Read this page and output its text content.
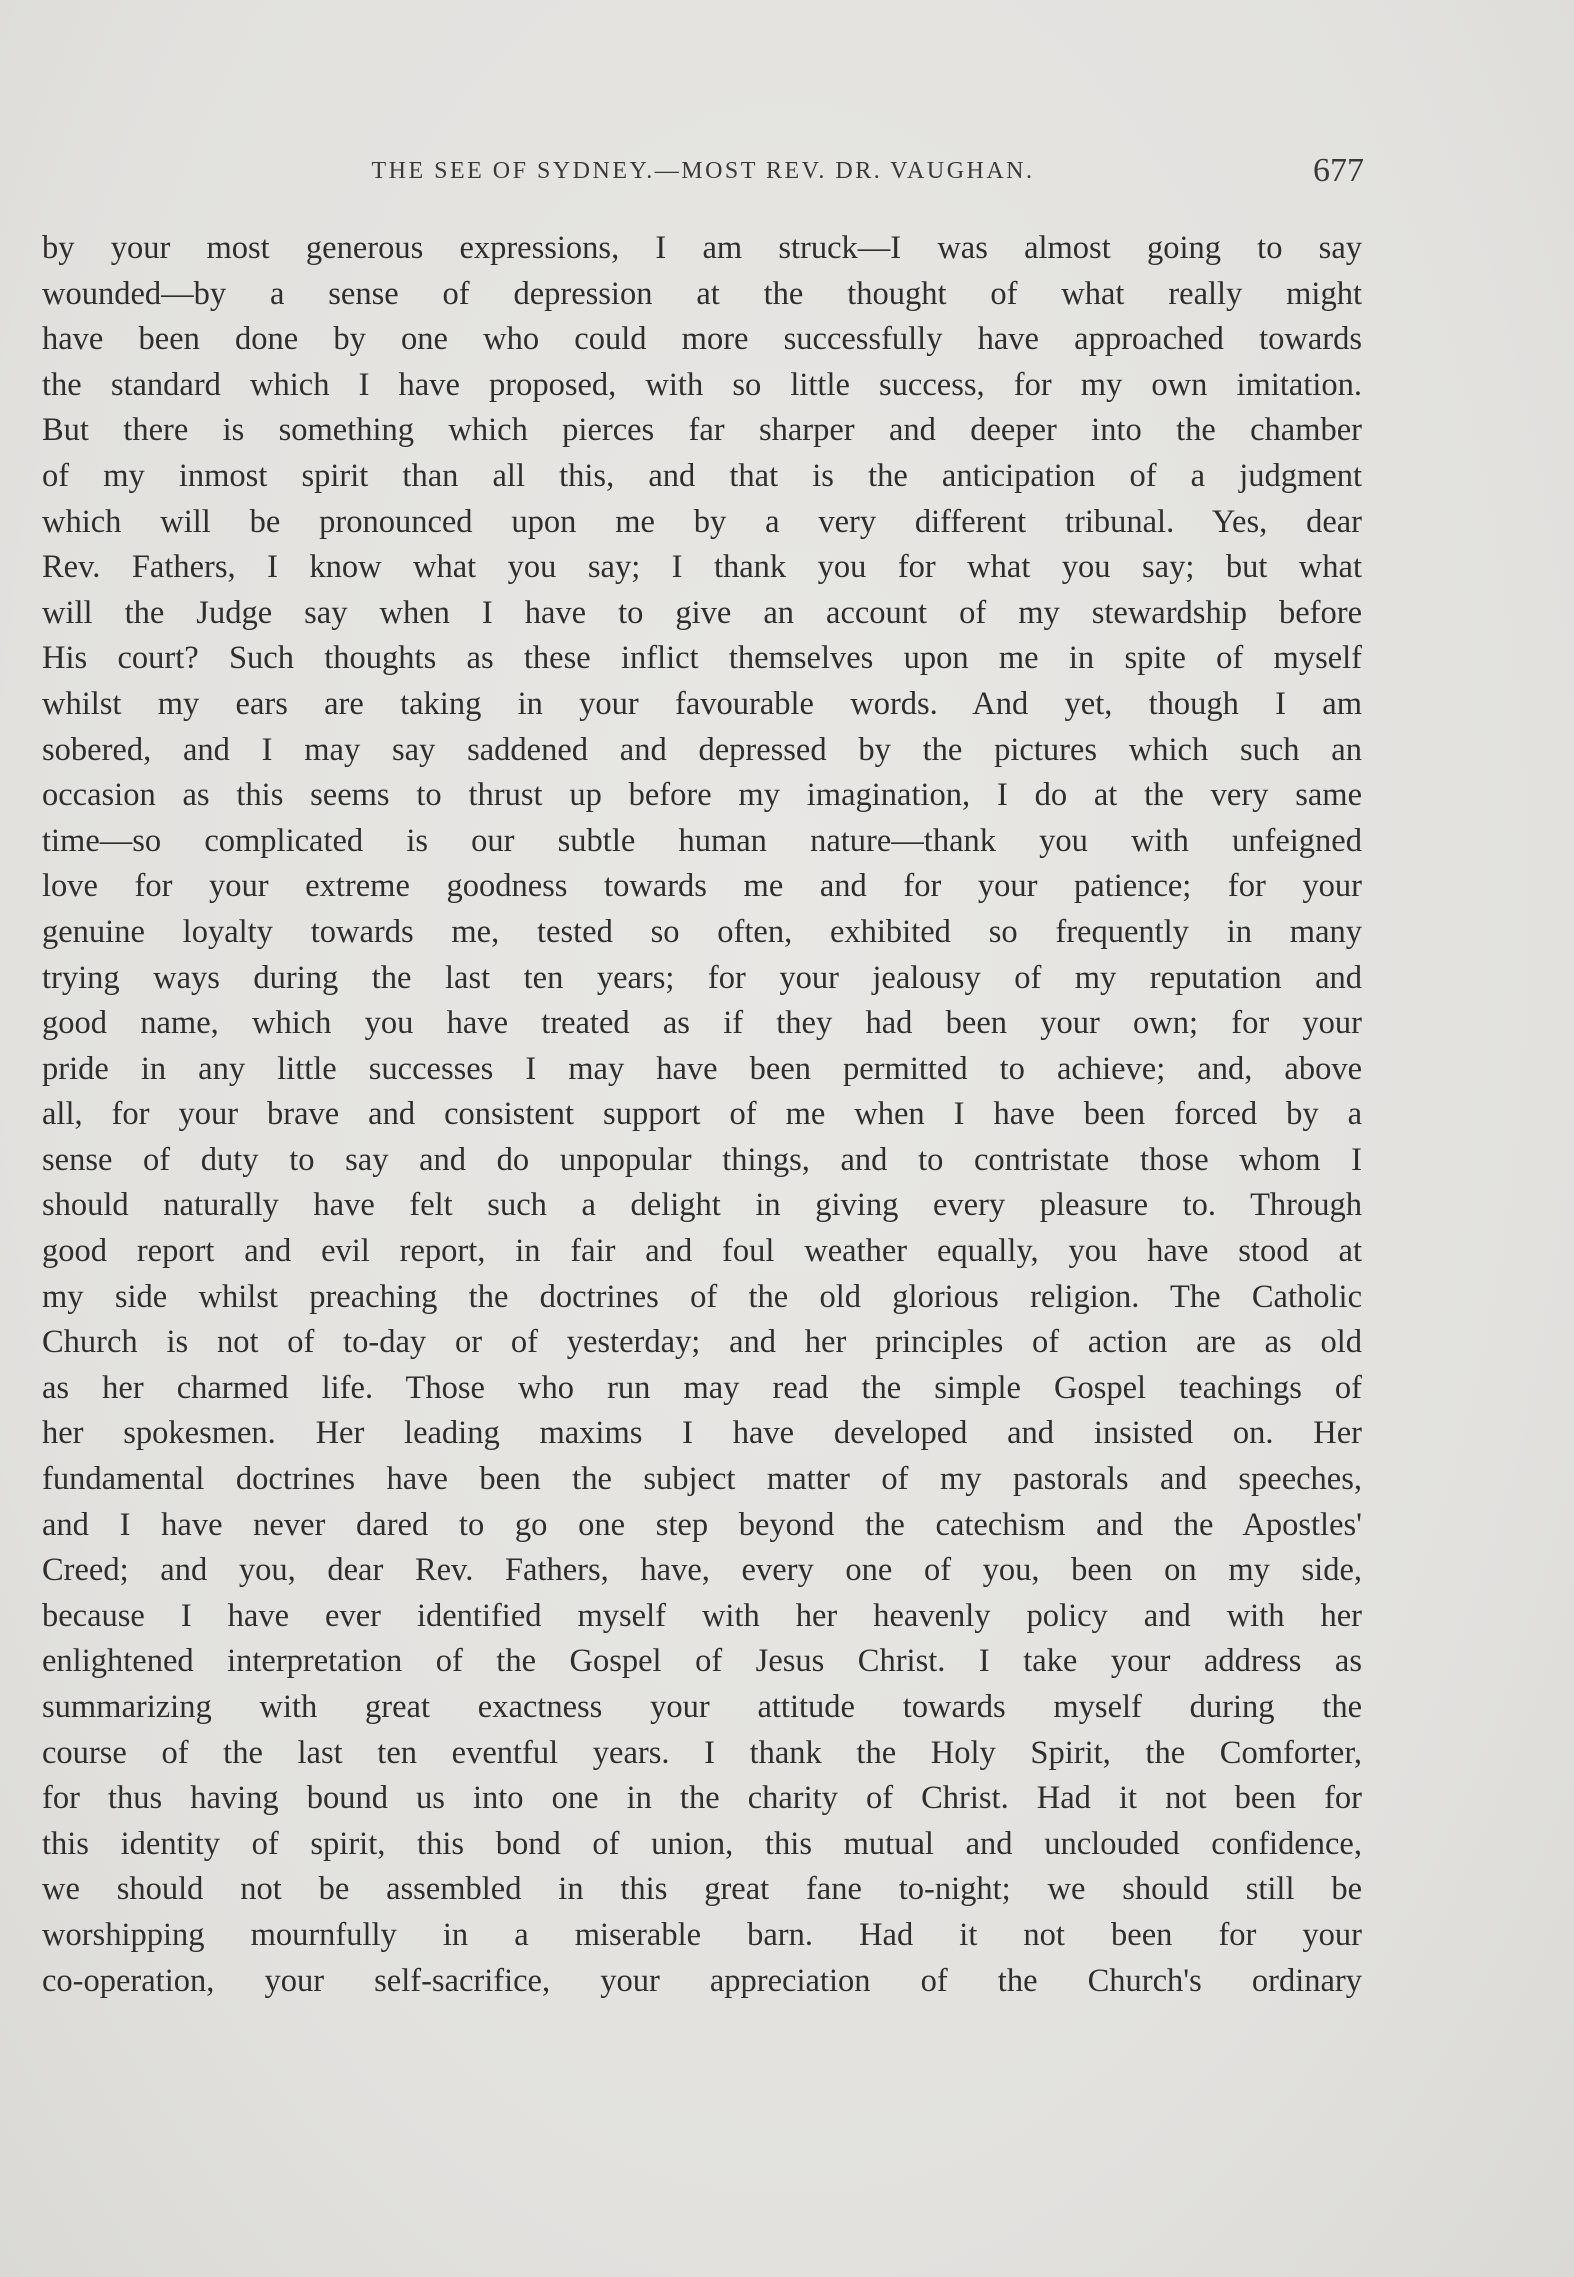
THE SEE OF SYDNEY.—MOST REV. DR. VAUGHAN.	677
by your most generous expressions, I am struck—I was almost going to say
wounded—by a sense of depression at the thought of what really might
have been done by one who could more successfully have approached towards
the standard which I have proposed, with so little success, for my own imitation.
But there is something which pierces far sharper and deeper into the chamber
of my inmost spirit than all this, and that is the anticipation of a judgment
which will be pronounced upon me by a very different tribunal. Yes, dear
Rev. Fathers, I know what you say; I thank you for what you say; but what
will the Judge say when I have to give an account of my stewardship before
His court? Such thoughts as these inflict themselves upon me in spite of myself
whilst my ears are taking in your favourable words. And yet, though I am
sobered, and I may say saddened and depressed by the pictures which such an
occasion as this seems to thrust up before my imagination, I do at the very same
time—so complicated is our subtle human nature—thank you with unfeigned
love for your extreme goodness towards me and for your patience; for your
genuine loyalty towards me, tested so often, exhibited so frequently in many
trying ways during the last ten years; for your jealousy of my reputation and
good name, which you have treated as if they had been your own; for your
pride in any little successes I may have been permitted to achieve; and, above
all, for your brave and consistent support of me when I have been forced by a
sense of duty to say and do unpopular things, and to contristate those whom I
should naturally have felt such a delight in giving every pleasure to. Through
good report and evil report, in fair and foul weather equally, you have stood at
my side whilst preaching the doctrines of the old glorious religion. The Catholic
Church is not of to-day or of yesterday; and her principles of action are as old
as her charmed life. Those who run may read the simple Gospel teachings of
her spokesmen. Her leading maxims I have developed and insisted on. Her
fundamental doctrines have been the subject matter of my pastorals and speeches,
and I have never dared to go one step beyond the catechism and the Apostles'
Creed; and you, dear Rev. Fathers, have, every one of you, been on my side,
because I have ever identified myself with her heavenly policy and with her
enlightened interpretation of the Gospel of Jesus Christ. I take your address as
summarizing with great exactness your attitude towards myself during the
course of the last ten eventful years. I thank the Holy Spirit, the Comforter,
for thus having bound us into one in the charity of Christ. Had it not been for
this identity of spirit, this bond of union, this mutual and unclouded confidence,
we should not be assembled in this great fane to-night; we should still be
worshipping mournfully in a miserable barn. Had it not been for your
co-operation, your self-sacrifice, your appreciation of the Church's ordinary
